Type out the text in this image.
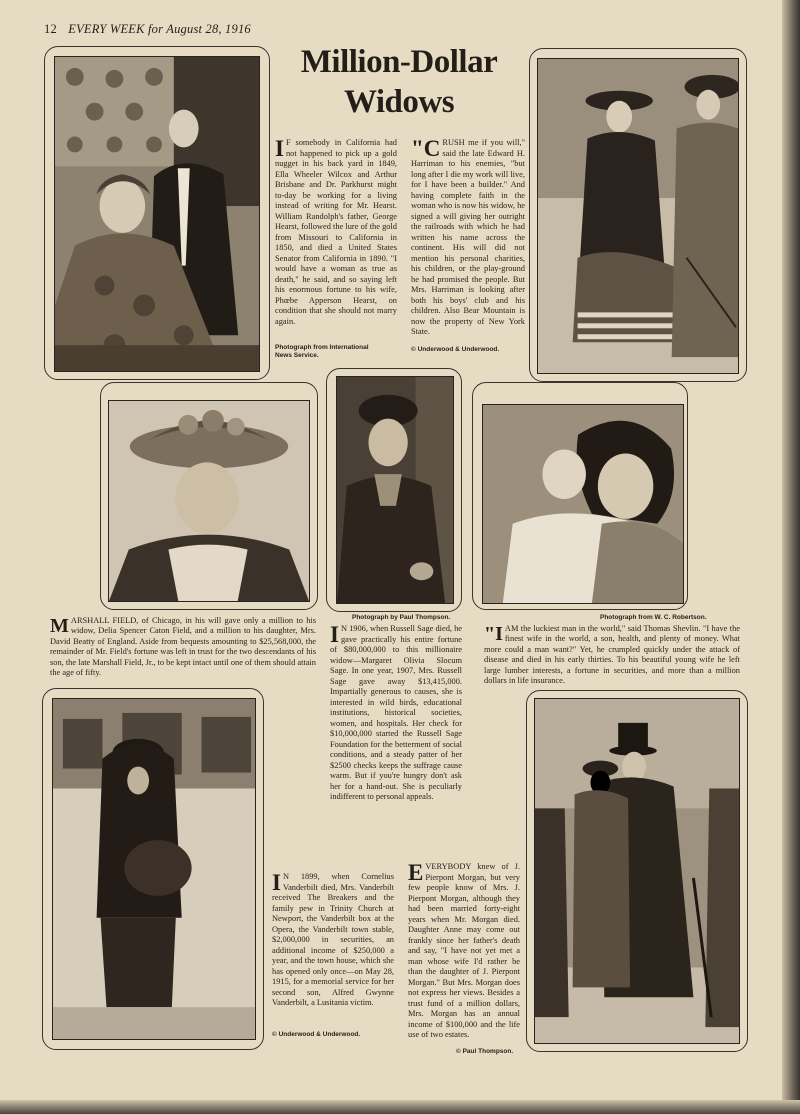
12 EVERY WEEK for August 28, 1916
Million-Dollar
Widows
I F somebody in California had not happened to pick up a gold nugget in his back yard in 1849, Ella Wheeler Wilcox and Arthur Brisbane and Dr. Parkhurst might to-day be working for a living instead of writing for Mr. Hearst. William Randolph's father, George Hearst, followed the lure of the gold from Missouri to California in 1850, and died a United States Senator from California in 1890. "I would have a woman as true as death," he said, and so saying left his enormous fortune to his wife, Phœbe Apperson Hearst, on condition that she should not marry again.
Photograph from International News Service.
"CRUSH me if you will," said the late Edward H. Harriman to his enemies, "but long after I die my work will live, for I have been a builder." And having complete faith in the woman who is now his widow, he signed a will giving her outright the railroads with which he had written his name across the continent. His will did not mention his personal charities, his children, or the play-ground he had promised the people. But Mrs. Harriman is looking after both his boys' club and his children. Also Bear Mountain is now the property of New York State.
© Underwood & Underwood.
MARSHALL FIELD, of Chicago, in his will gave only a million to his widow, Delia Spencer Caton Field, and a million to his daughter, Mrs. David Beatty of England. Aside from bequests amounting to $25,568,000, the remainder of Mr. Field's fortune was left in trust for the two descendants of his son, the late Marshall Field, Jr., to be kept intact until one of them should attain the age of fifty.
Photograph by Paul Thompson.
I N 1906, when Russell Sage died, he gave practically his entire fortune of $80,000,000 to this millionaire widow—Margaret Olivia Slocum Sage. In one year, 1907, Mrs. Russell Sage gave away $13,415,000. Impartially generous to causes, she is interested in wild birds, educational institutions, historical societies, women, and hospitals. Her check for $10,000,000 started the Russell Sage Foundation for the betterment of social conditions, and a steady patter of her $2500 checks keeps the suffrage cause warm. But if you're hungry don't ask her for a hand-out. She is peculiarly indifferent to personal appeals.
Photograph from W. C. Robertson.
"IAM the luckiest man in the world," said Thomas Shevlin. "I have the finest wife in the world, a son, health, and plenty of money. What more could a man want?" Yet, he crumpled quickly under the attack of disease and died in his early thirties. To his beautiful young wife he left large lumber interests, a fortune in securities, and more than a million dollars in life insurance.
I N 1899, when Cornelius Vanderbilt died, Mrs. Vanderbilt received The Breakers and the family pew in Trinity Church at Newport, the Vanderbilt box at the Opera, the Vanderbilt town stable, $2,000,000 in securities, an additional income of $250,000 a year, and the town house, which she has opened only once—on May 28, 1915, for a memorial service for her second son, Alfred Gwynne Vanderbilt, a Lusitania victim.
© Underwood & Underwood.
EVERYBODY knew of J. Pierpont Morgan, but very few people know of Mrs. J. Pierpont Morgan, although they had been married forty-eight years when Mr. Morgan died. Daughter Anne may come out frankly since her father's death and say, "I have not yet met a man whose wife I'd rather be than the daughter of J. Pierpont Morgan." But Mrs. Morgan does not express her views. Besides a trust fund of a million dollars, Mrs. Morgan has an annual income of $100,000 and the life use of two estates.
© Paul Thompson.
